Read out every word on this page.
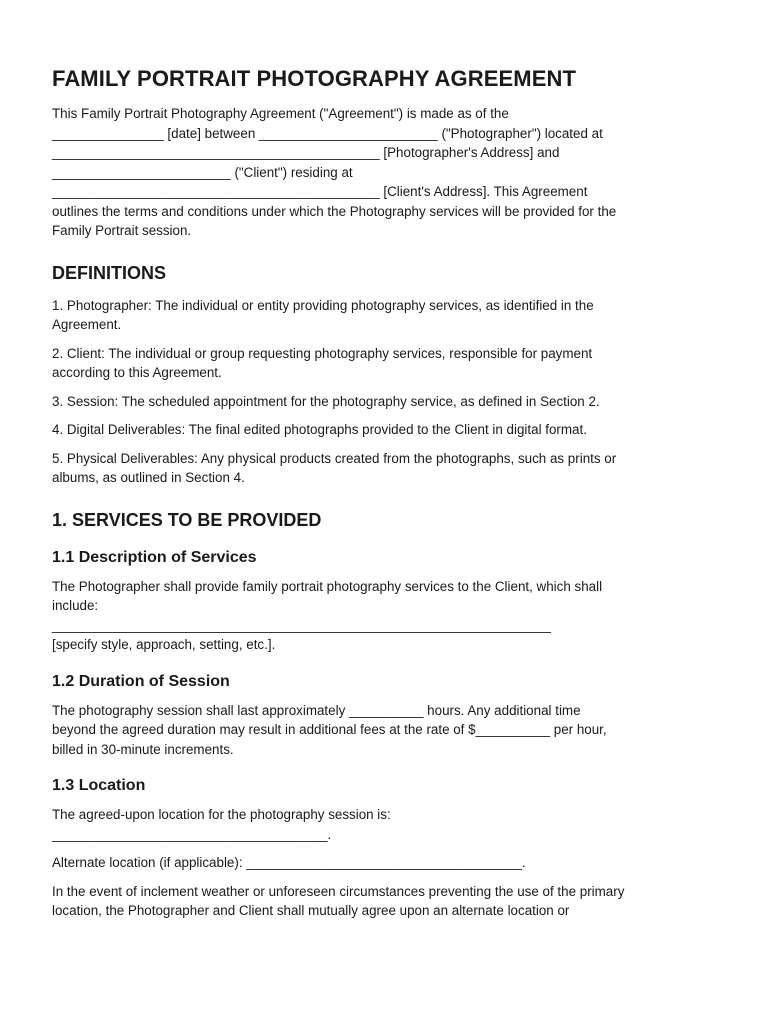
FAMILY PORTRAIT PHOTOGRAPHY AGREEMENT

This Family Portrait Photography Agreement ("Agreement") is made as of the
_______________ [date] between ________________________ ("Photographer") located at
____________________________________________ [Photographer's Address] and
________________________ ("Client") residing at
____________________________________________ [Client's Address]. This Agreement
outlines the terms and conditions under which the Photography services will be provided for the
Family Portrait session.

DEFINITIONS

1. Photographer: The individual or entity providing photography services, as identified in the
Agreement.

2. Client: The individual or group requesting photography services, responsible for payment
according to this Agreement.

3. Session: The scheduled appointment for the photography service, as defined in Section 2.

4. Digital Deliverables: The final edited photographs provided to the Client in digital format.

5. Physical Deliverables: Any physical products created from the photographs, such as prints or
albums, as outlined in Section 4.

1. SERVICES TO BE PROVIDED
1.1 Description of Services

The Photographer shall provide family portrait photography services to the Client, which shall
include:
___________________________________________________________________
[specify style, approach, setting, etc.].

1.2 Duration of Session

The photography session shall last approximately __________ hours. Any additional time
beyond the agreed duration may result in additional fees at the rate of $__________ per hour,
billed in 30-minute increments.

1.3 Location

The agreed-upon location for the photography session is:
_____________________________________.

Alternate location (if applicable): _____________________________________.

In the event of inclement weather or unforeseen circumstances preventing the use of the primary
location, the Photographer and Client shall mutually agree upon an alternate location or
